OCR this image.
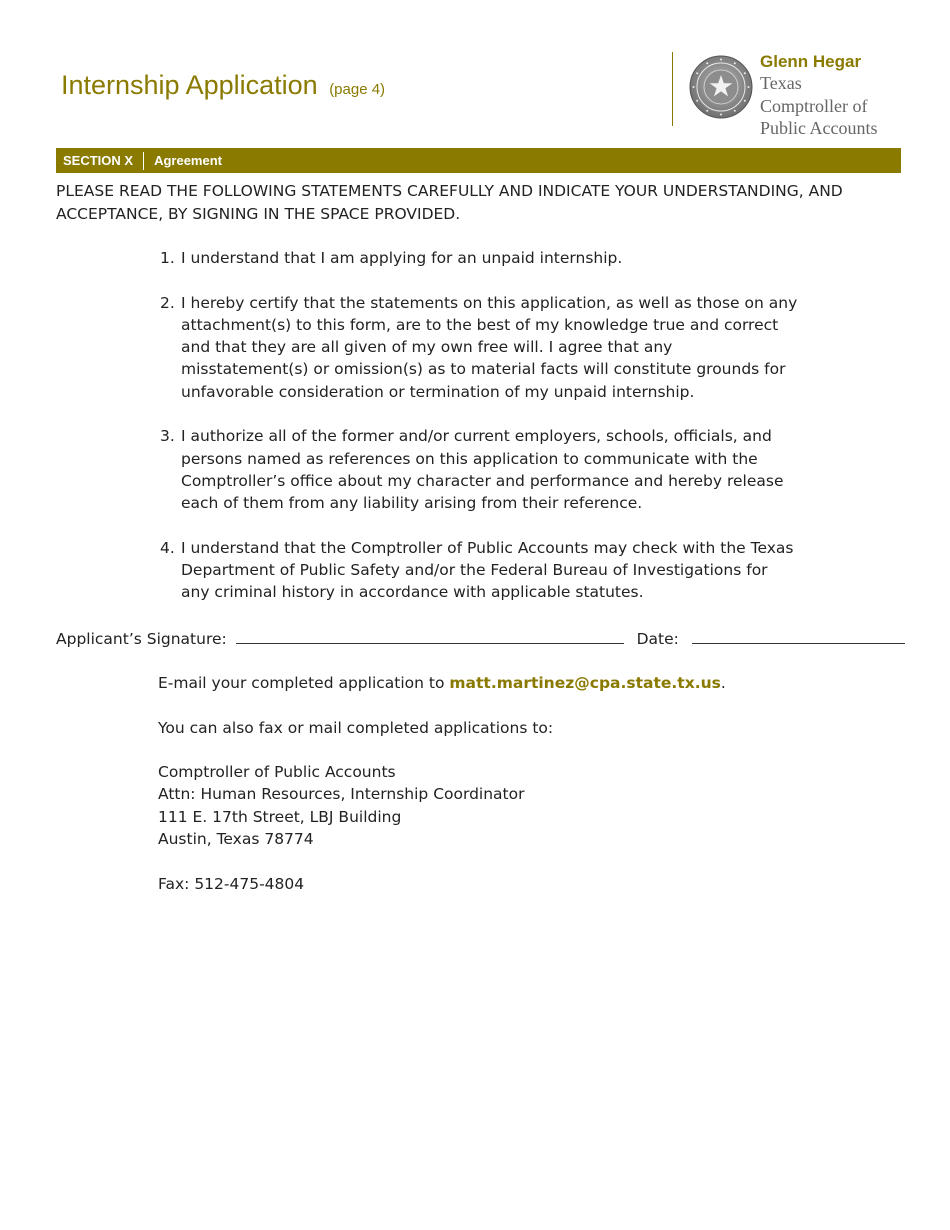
Internship Application (page 4)
Glenn Hegar
Texas
Comptroller of
Public Accounts
SECTION X	Agreement
PLEASE READ THE FOLLOWING STATEMENTS CAREFULLY AND INDICATE YOUR UNDERSTANDING, AND ACCEPTANCE, BY SIGNING IN THE SPACE PROVIDED.
1. I understand that I am applying for an unpaid internship.
2. I hereby certify that the statements on this application, as well as those on any attachment(s) to this form, are to the best of my knowledge true and correct and that they are all given of my own free will. I agree that any misstatement(s) or omission(s) as to material facts will constitute grounds for unfavorable consideration or termination of my unpaid internship.
3. I authorize all of the former and/or current employers, schools, officials, and persons named as references on this application to communicate with the Comptroller’s office about my character and performance and hereby release each of them from any liability arising from their reference.
4. I understand that the Comptroller of Public Accounts may check with the Texas Department of Public Safety and/or the Federal Bureau of Investigations for any criminal history in accordance with applicable statutes.
Applicant’s Signature:	Date:

E-mail your completed application to matt.martinez@cpa.state.tx.us.

You can also fax or mail completed applications to:

Comptroller of Public Accounts
Attn: Human Resources, Internship Coordinator
111 E. 17th Street, LBJ Building
Austin, Texas 78774

Fax: 512-475-4804
